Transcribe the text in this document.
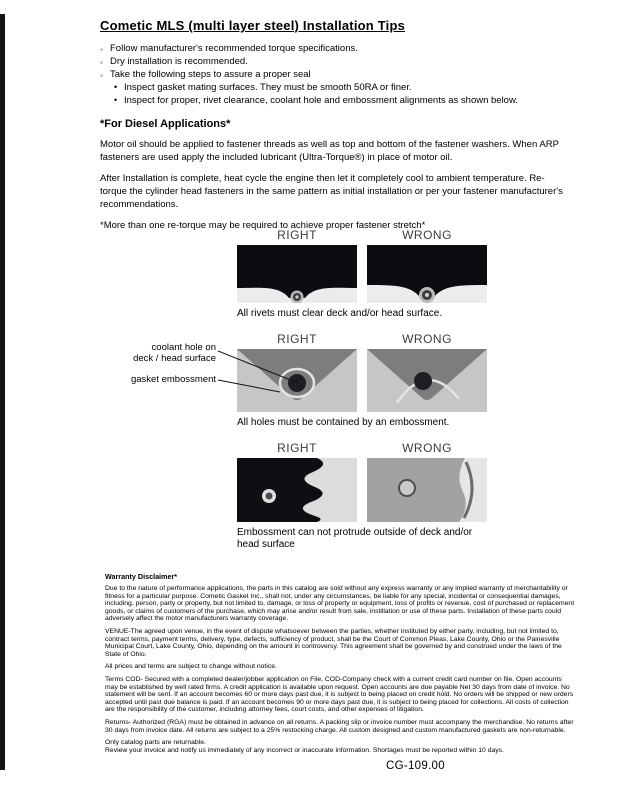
Cometic MLS (multi layer steel) Installation Tips
◦ Follow manufacturer's recommended torque specifications.
◦ Dry installation is recommended.
◦ Take the following steps to assure a proper seal
• Inspect gasket mating surfaces. They must be smooth 50RA or finer.
• Inspect for proper, rivet clearance, coolant hole and embossment alignments as shown below.
*For Diesel Applications*
Motor oil should be applied to fastener threads as well as top and bottom of the fastener washers. When ARP fasteners are used apply the included lubricant (Ultra-Torque®) in place of motor oil.
After Installation is complete, heat cycle the engine then let it completely cool to ambient temperature. Re-torque the cylinder head fasteners in the same pattern as initial installation or per your fastener manufacturer's recommendations.
*More than one re-torque may be required to achieve proper fastener stretch*
RIGHT	WRONG
All rivets must clear deck and/or head surface.
RIGHT	WRONG
All holes must be contained by an embossment.
RIGHT	WRONG
Embossment can not protrude outside of deck and/or head surface
coolant hole on
deck / head surface
gasket embossment
Warranty Disclaimer*
Due to the nature of performance applications, the parts in this catalog are sold without any express warranty or any implied warranty of merchantability or fitness for a particular purpose. Cometic Gasket Inc., shall not, under any circumstances, be liable for any special, incidental or consequential damages, including, person, party or property, but not limited to, damage, or loss of property or equipment, loss of profits or revenue, cost of purchased or replacement goods, or claims of customers of the purchase, which may arise and/or result from sale, instillation or use of these parts. Installation of these parts could adversely affect the motor manufacturers warranty coverage.
VENUE-The agreed upon venue, in the event of dispute whatsoever between the parties, whether instituted by either party, including, but not limited to, contract terms, payment terms, delivery, type, defects, sufficiency of product, shall be the Court of Common Pleas, Lake County, Ohio or the Painesville Municipal Court, Lake County, Ohio, depending on the amount in controversy. This agreement shall be governed by and construed under the laws of the State of Ohio.
All prices and terms are subject to change without notice.
Terms COD- Secured with a completed dealer/jobber application on File, COD-Company check with a current credit card number on file. Open accounts may be established by well rated firms. A credit application is available upon request. Open accounts are due payable Net 30 days from date of invoice. No statement will be sent. If an account becomes 60 or more days past due, it is subject to being placed on credit hold. No orders will be shipped or new orders accepted until past due balance is paid. If an account becomes 90 or more days past due, it is subject to being placed for collections. All costs of collection are the responsibility of the customer, including attorney fees, court costs, and other expenses of litigation.
Returns- Authorized (RGA) must be obtained in advance on all returns. A packing slip or invoice number must accompany the merchandise. No returns after 30 days from invoice date. All returns are subject to a 25% restocking charge. All custom designed and custom manufactured gaskets are non-returnable.
Only catalog parts are returnable.
Review your invoice and notify us immediately of any incorrect or inaccurate information. Shortages must be reported within 10 days.
CG-109.00
